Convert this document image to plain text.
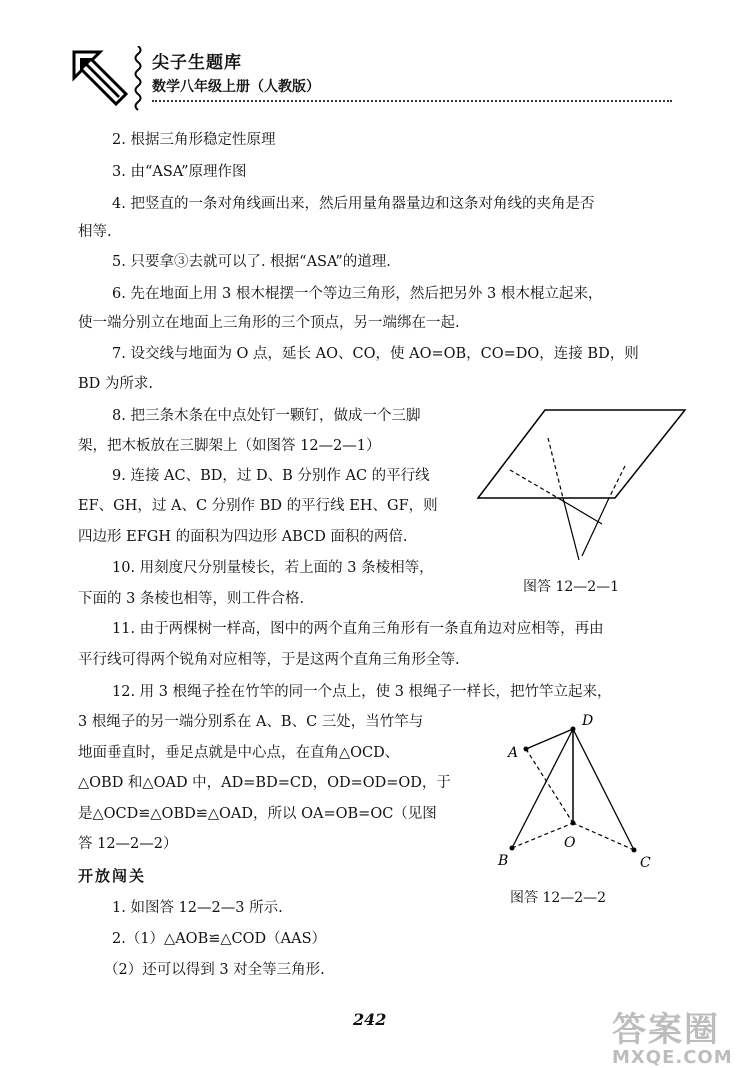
尖子生题库
数学八年级上册（人教版）
2. 根据三角形稳定性原理
3. 由“ASA”原理作图
4. 把竖直的一条对角线画出来，然后用量角器量边和这条对角线的夹角是否
相等.
5. 只要拿③去就可以了. 根据“ASA”的道理.
6. 先在地面上用 3 根木棍摆一个等边三角形，然后把另外 3 根木棍立起来，
使一端分别立在地面上三角形的三个顶点，另一端绑在一起.
7. 设交线与地面为 O 点，延长 AO、CO，使 AO=OB，CO=DO，连接 BD，则
BD 为所求.
8. 把三条木条在中点处钉一颗钉，做成一个三脚
架，把木板放在三脚架上（如图答 12—2—1）
9. 连接 AC、BD，过 D、B 分别作 AC 的平行线
EF、GH，过 A、C 分别作 BD 的平行线 EH、GF，则
四边形 EFGH 的面积为四边形 ABCD 面积的两倍.
10. 用刻度尺分别量棱长，若上面的 3 条棱相等，
下面的 3 条棱也相等，则工件合格.
11. 由于两棵树一样高，图中的两个直角三角形有一条直角边对应相等，再由
平行线可得两个锐角对应相等，于是这两个直角三角形全等.
12. 用 3 根绳子拴在竹竿的同一个点上，使 3 根绳子一样长，把竹竿立起来，
3 根绳子的另一端分别系在 A、B、C 三处，当竹竿与
地面垂直时，垂足点就是中心点，在直角△OCD、
△OBD 和△OAD 中，AD=BD=CD，OD=OD=OD，于
是△OCD≌△OBD≌△OAD，所以 OA=OB=OC（见图
答 12—2—2）
图答 12—2—1
D
A
O
B	C
图答 12—2—2
开放闯关
1. 如图答 12—2—3 所示.
2.（1）△AOB≌△COD（AAS）
（2）还可以得到 3 对全等三角形.
242	答案圈
MXQE.COM
